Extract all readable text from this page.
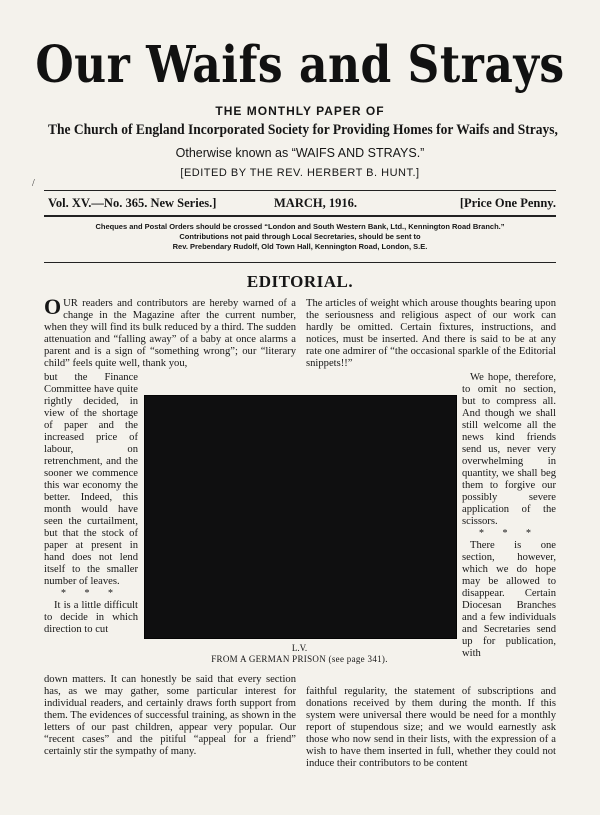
Our Waifs and Strays
THE MONTHLY PAPER OF
The Church of England Incorporated Society for Providing Homes for Waifs and Strays,
Otherwise known as “WAIFS AND STRAYS.”
[EDITED BY THE REV. HERBERT B. HUNT.]
Vol. XV.—No. 365. New Series.]	MARCH, 1916.	[Price One Penny.
Cheques and Postal Orders should be crossed “London and South Western Bank, Ltd., Kennington Road Branch.”
Contributions not paid through Local Secretaries, should be sent to
Rev. Prebendary Rudolf, Old Town Hall, Kennington Road, London, S.E.
EDITORIAL.

OUR readers and contributors are hereby warned of a change in the Magazine after the current number, when they will find its bulk reduced by a third. The sudden attenuation and “falling away” of a baby at once alarms a parent and is a sign of “something wrong”; our “literary child” feels quite well, thank you,

but the Finance Committee have quite rightly decided, in view of the shortage of paper and the increased price of labour, on retrenchment, and the sooner we commence this war economy the better. Indeed, this month would have seen the curtailment, but that the stock of paper at present in hand does not lend itself to the smaller number of leaves.

* * *

It is a little difficult to decide in which direction to cut

down matters. It can honestly be said that every section has, as we may gather, some particular interest for individual readers, and certainly draws forth support from them. The evidences of successful training, as shown in the letters of our past children, appear very popular. Our “recent cases” and the pitiful “appeal for a friend” certainly stir the sympathy of many.

The articles of weight which arouse thoughts bearing upon the seriousness and religious aspect of our work can hardly be omitted. Certain fixtures, instructions, and notices, must be inserted. And there is said to be at any rate one admirer of “the occasional sparkle of the Editorial snippets!!”

We hope, therefore, to omit no section, but to compress all. And though we shall still welcome all the news kind friends send us, never very overwhelming in quantity, we shall beg them to forgive our possibly severe application of the scissors.

* * *

There is one section, however, which we do hope may be allowed to disappear. Certain Diocesan Branches and a few individuals and Secretaries send up for publication, with

faithful regularity, the statement of subscriptions and donations received by them during the month. If this system were universal there would be need for a monthly report of stupendous size; and we would earnestly ask those who now send in their lists, with the expression of a wish to have them inserted in full, whether they could not induce their contributors to be content

L.V.
FROM A GERMAN PRISON (see page 341).
/
